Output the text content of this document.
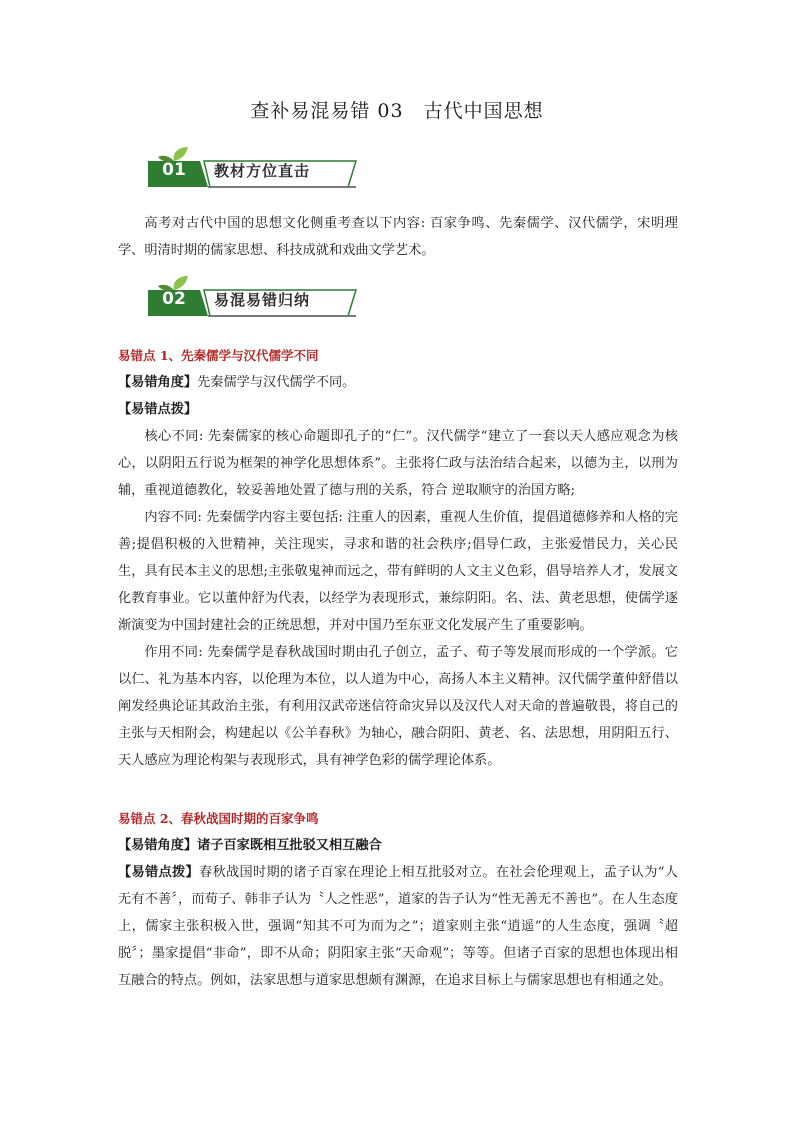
查补易混易错 03　古代中国思想
01	教材方位直击

高考对古代中国的思想文化侧重考查以下内容: 百家争鸣、先秦儒学、汉代儒学，宋明理学、明清时期的儒家思想、科技成就和戏曲文学艺术。

02	易混易错归纳

易错点 1、先秦儒学与汉代儒学不同

【易错角度】先秦儒学与汉代儒学不同。

【易错点拨】

核心不同: 先秦儒家的核心命题即孔子的“仁”。汉代儒学“建立了一套以天人感应观念为核心，以阴阳五行说为框架的神学化思想体系”。主张将仁政与法治结合起来，以德为主，以刑为辅，重视道德教化，较妥善地处置了德与刑的关系，符合 逆取顺守的治国方略;

内容不同: 先秦儒学内容主要包括: 注重人的因素，重视人生价值，提倡道德修养和人格的完善;提倡积极的入世精神，关注现实，寻求和谐的社会秩序;倡导仁政，主张爱惜民力，关心民生，具有民本主义的思想;主张敬鬼神而远之，带有鲜明的人文主义色彩，倡导培养人才，发展文化教育事业。它以董仲舒为代表，以经学为表现形式，兼综阴阳。名、法、黄老思想，使儒学逐渐演变为中国封建社会的正统思想，并对中国乃至东亚文化发展产生了重要影响。

作用不同: 先秦儒学是春秋战国时期由孔子创立，孟子、荀子等发展而形成的一个学派。它以仁、礼为基本内容，以伦理为本位，以人道为中心，高扬人本主义精神。汉代儒学董仲舒借以阐发经典论证其政治主张，有利用汉武帝迷信符命灾异以及汉代人对天命的普遍敬畏，将自己的主张与天相附会，构建起以《公羊春秋》为轴心，融合阴阳、黄老、名、法思想，用阴阳五行、天人感应为理论构架与表现形式，具有神学色彩的儒学理论体系。

易错点 2、春秋战国时期的百家争鸣

【易错角度】诸子百家既相互批驳又相互融合

【易错点拨】春秋战国时期的诸子百家在理论上相互批驳对立。在社会伦理观上，孟子认为“人无有不善〞，而荀子、韩非子认为〝人之性恶”，道家的告子认为“性无善无不善也”。在人生态度上，儒家主张积极入世，强调“知其不可为而为之”；道家则主张“逍遥”的人生态度，强调〝超脱〞；墨家提倡“非命”，即不从命；阴阳家主张“天命观”；等等。但诸子百家的思想也体现出相互融合的特点。例如，法家思想与道家思想颇有渊源，在追求目标上与儒家思想也有相通之处。
